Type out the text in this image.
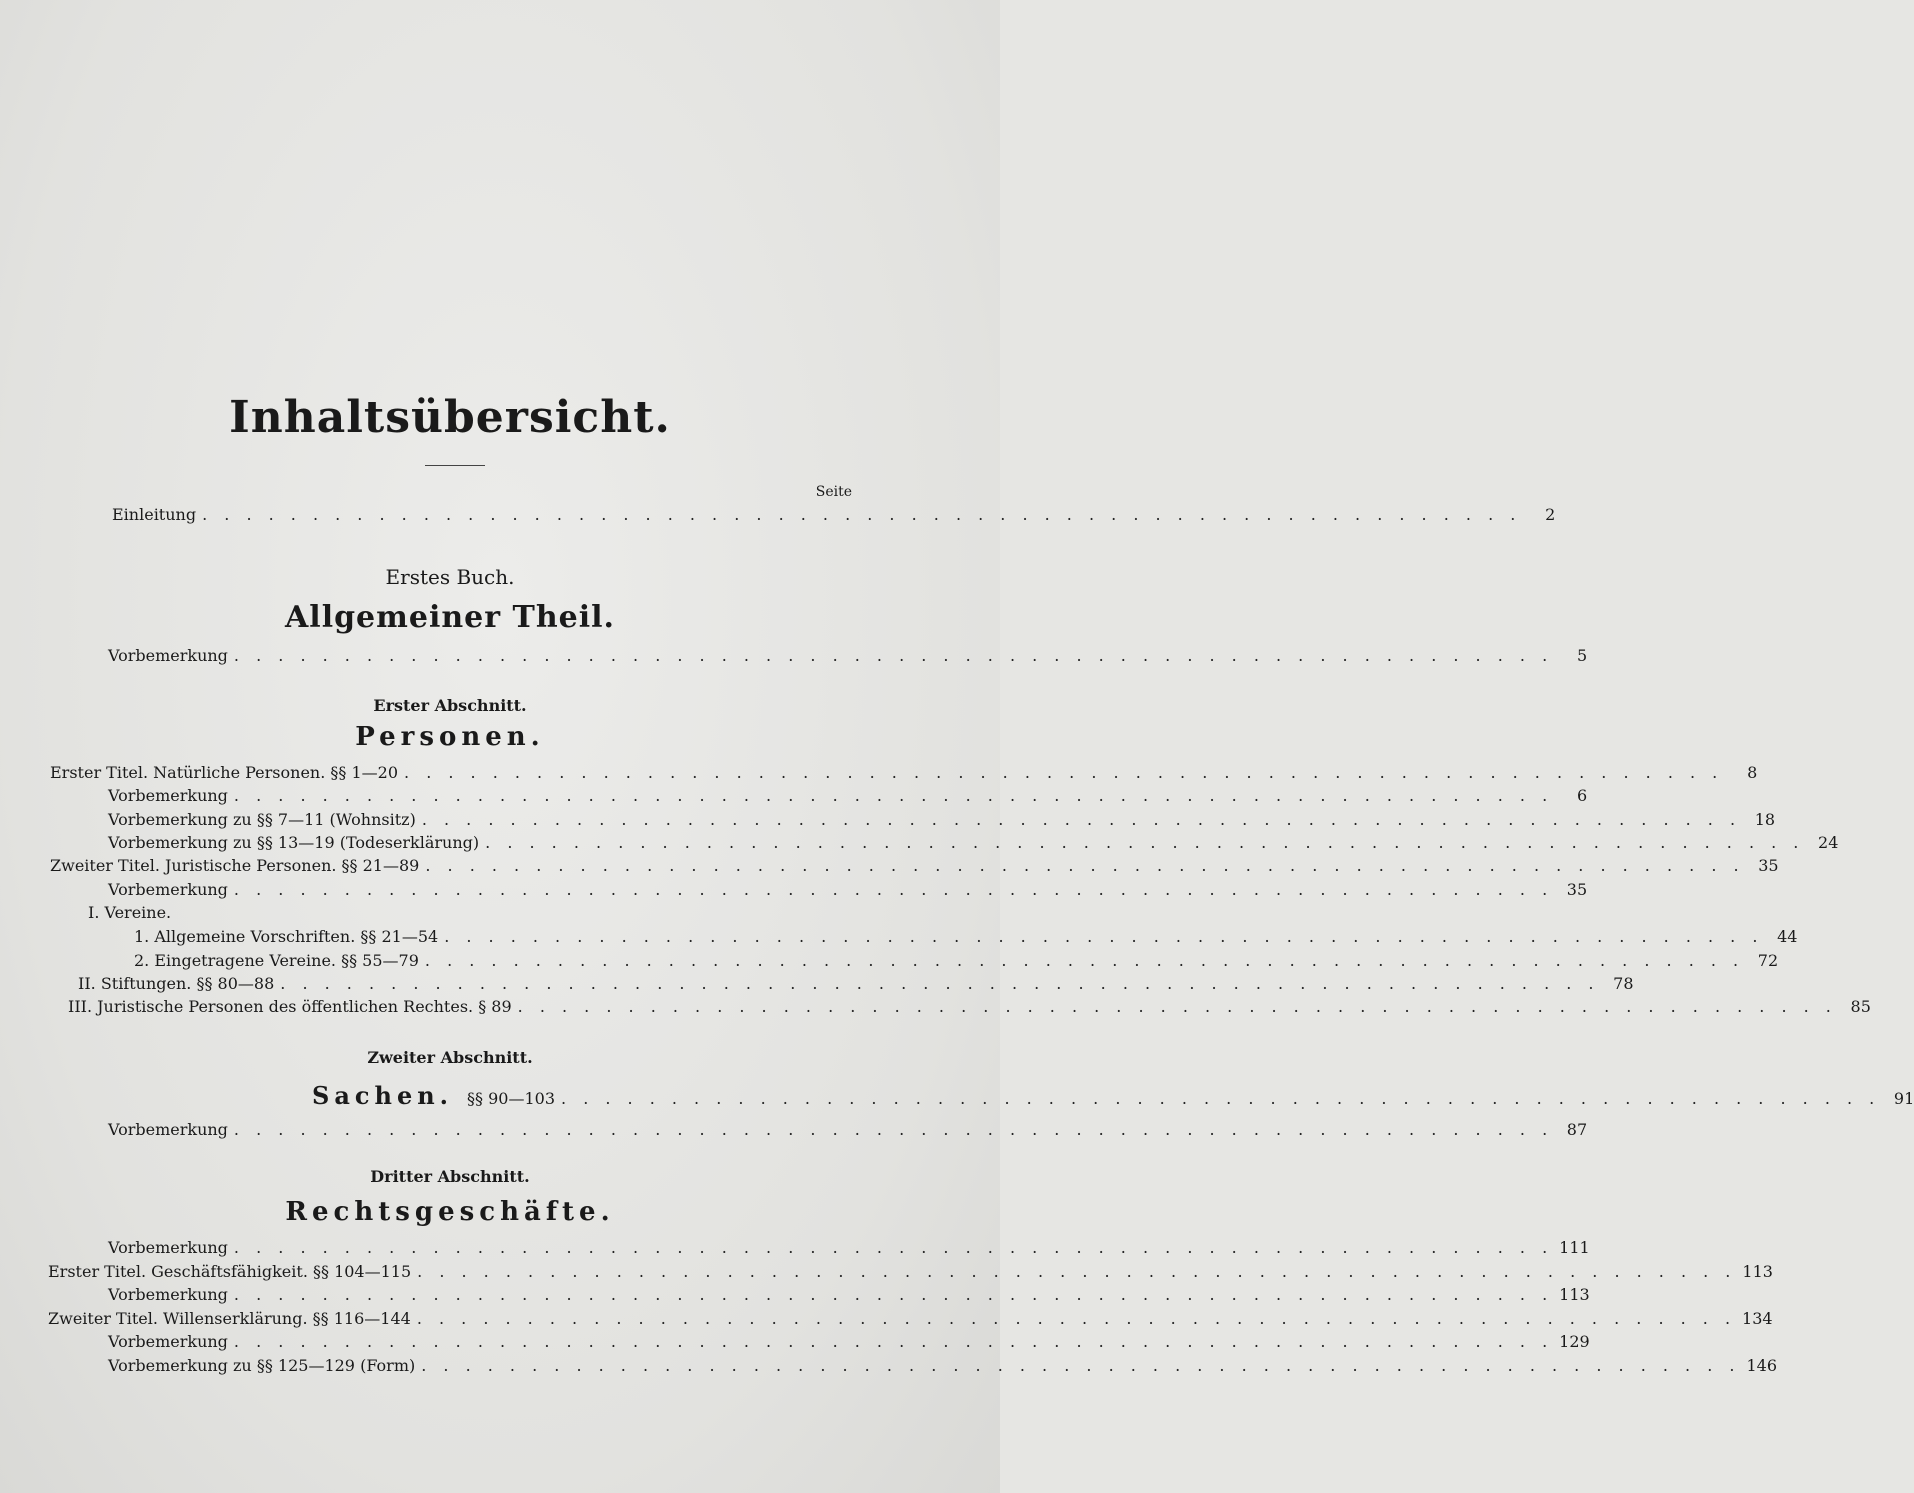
Inhaltsübersicht.
Seite
Einleitung . . . . . . . . . . . . . . . . . . . . . . . . . . . . . . . . . . . . . . . . . . . . . . . . . . . . . . . . . . . .	2
Erstes Buch.
Allgemeiner Theil.
Vorbemerkung . . . . . . . . . . . . . . . . . . . . . . . . . . . . . . . . . . . . . . . . . . . . . . . . . . . . . . . . . . . .	5
Erster Abschnitt.
Personen.
Erster Titel. Natürliche Personen. §§ 1—20 . . . . . . . . . . . . . . . . . . . . . . . . . . . . . . . . . . . . . . . . . . . . . . . . . . . . . . . . . . . .	8
Vorbemerkung . . . . . . . . . . . . . . . . . . . . . . . . . . . . . . . . . . . . . . . . . . . . . . . . . . . . . . . . . . . .	6
Vorbemerkung zu §§ 7—11 (Wohnsitz) . . . . . . . . . . . . . . . . . . . . . . . . . . . . . . . . . . . . . . . . . . . . . . . . . . . . . . . . . . . . 18
Vorbemerkung zu §§ 13—19 (Todeserklärung) . . . . . . . . . . . . . . . . . . . . . . . . . . . . . . . . . . . . . . . . . . . . . . . . . . . . . . . . . . . . 24
Zweiter Titel. Juristische Personen. §§ 21—89 . . . . . . . . . . . . . . . . . . . . . . . . . . . . . . . . . . . . . . . . . . . . . . . . . . . . . . . . . . . . 35
Vorbemerkung . . . . . . . . . . . . . . . . . . . . . . . . . . . . . . . . . . . . . . . . . . . . . . . . . . . . . . . . . . . . 35
I. Vereine.
1. Allgemeine Vorschriften. §§ 21—54 . . . . . . . . . . . . . . . . . . . . . . . . . . . . . . . . . . . . . . . . . . . . . . . . . . . . . . . . . . . . 44
2. Eingetragene Vereine. §§ 55—79 . . . . . . . . . . . . . . . . . . . . . . . . . . . . . . . . . . . . . . . . . . . . . . . . . . . . . . . . . . . . 72
II. Stiftungen. §§ 80—88 . . . . . . . . . . . . . . . . . . . . . . . . . . . . . . . . . . . . . . . . . . . . . . . . . . . . . . . . . . . . 78
III. Juristische Personen des öffentlichen Rechtes. § 89 . . . . . . . . . . . . . . . . . . . . . . . . . . . . . . . . . . . . . . . . . . . . . . . . . . . . . . . . . . . . 85
Zweiter Abschnitt.
Sachen. §§ 90—103 . . . . . . . . . . . . . . . . . . . . . . . . . . . . . . . . . . . . . . . . . . . . . . . . . . . . . . . . . . . . 91
Vorbemerkung . . . . . . . . . . . . . . . . . . . . . . . . . . . . . . . . . . . . . . . . . . . . . . . . . . . . . . . . . . . . 87
Dritter Abschnitt.
Rechtsgeschäfte.
Vorbemerkung . . . . . . . . . . . . . . . . . . . . . . . . . . . . . . . . . . . . . . . . . . . . . . . . . . . . . . . . . . . . 111
Erster Titel. Geschäftsfähigkeit. §§ 104—115 . . . . . . . . . . . . . . . . . . . . . . . . . . . . . . . . . . . . . . . . . . . . . . . . . . . . . . . . . . . . 113
Vorbemerkung . . . . . . . . . . . . . . . . . . . . . . . . . . . . . . . . . . . . . . . . . . . . . . . . . . . . . . . . . . . . 113
Zweiter Titel. Willenserklärung. §§ 116—144 . . . . . . . . . . . . . . . . . . . . . . . . . . . . . . . . . . . . . . . . . . . . . . . . . . . . . . . . . . . . 134
Vorbemerkung . . . . . . . . . . . . . . . . . . . . . . . . . . . . . . . . . . . . . . . . . . . . . . . . . . . . . . . . . . . . 129
Vorbemerkung zu §§ 125—129 (Form) . . . . . . . . . . . . . . . . . . . . . . . . . . . . . . . . . . . . . . . . . . . . . . . . . . . . . . . . . . . . 146
